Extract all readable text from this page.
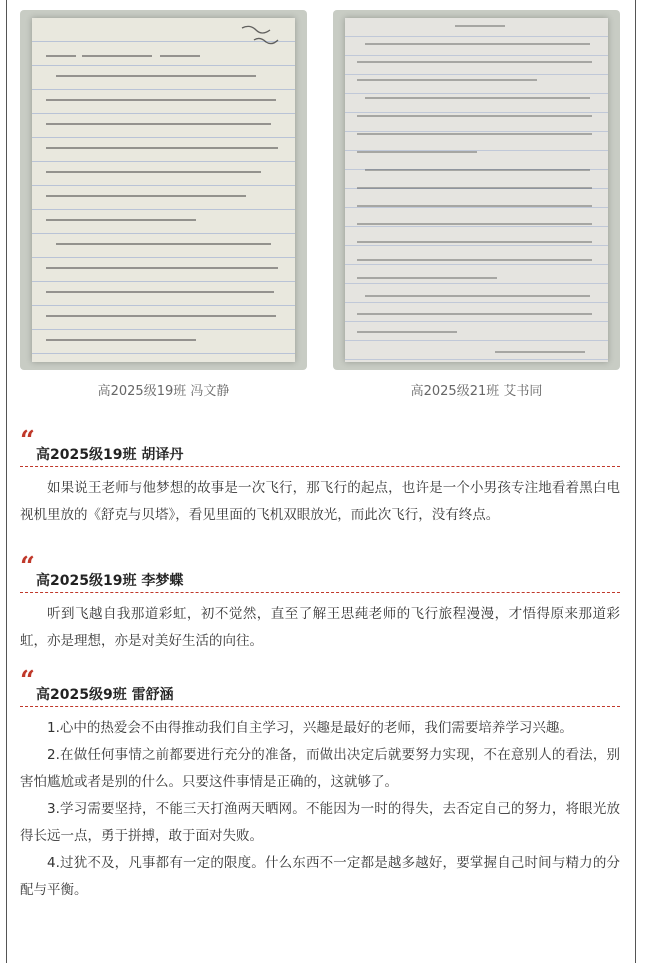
高2025级19班 冯文静	高2025级21班 艾书同
“ 高2025级19班 胡译丹

如果说王老师与他梦想的故事是一次飞行，那飞行的起点，也许是一个小男孩专注地看着黑白电视机里放的《舒克与贝塔》，看见里面的飞机双眼放光，而此次飞行，没有终点。

“ 高2025级19班 李梦蝶

听到飞越自我那道彩虹，初不觉然，直至了解王思莼老师的飞行旅程漫漫，才悟得原来那道彩虹，亦是理想，亦是对美好生活的向往。

“ 高2025级9班 雷舒涵

1.心中的热爱会不由得推动我们自主学习，兴趣是最好的老师，我们需要培养学习兴趣。

2.在做任何事情之前都要进行充分的准备，而做出决定后就要努力实现，不在意别人的看法，别害怕尴尬或者是别的什么。只要这件事情是正确的，这就够了。

3.学习需要坚持，不能三天打渔两天晒网。不能因为一时的得失，去否定自己的努力，将眼光放得长远一点，勇于拼搏，敢于面对失败。

4.过犹不及，凡事都有一定的限度。什么东西不一定都是越多越好，要掌握自己时间与精力的分配与平衡。
